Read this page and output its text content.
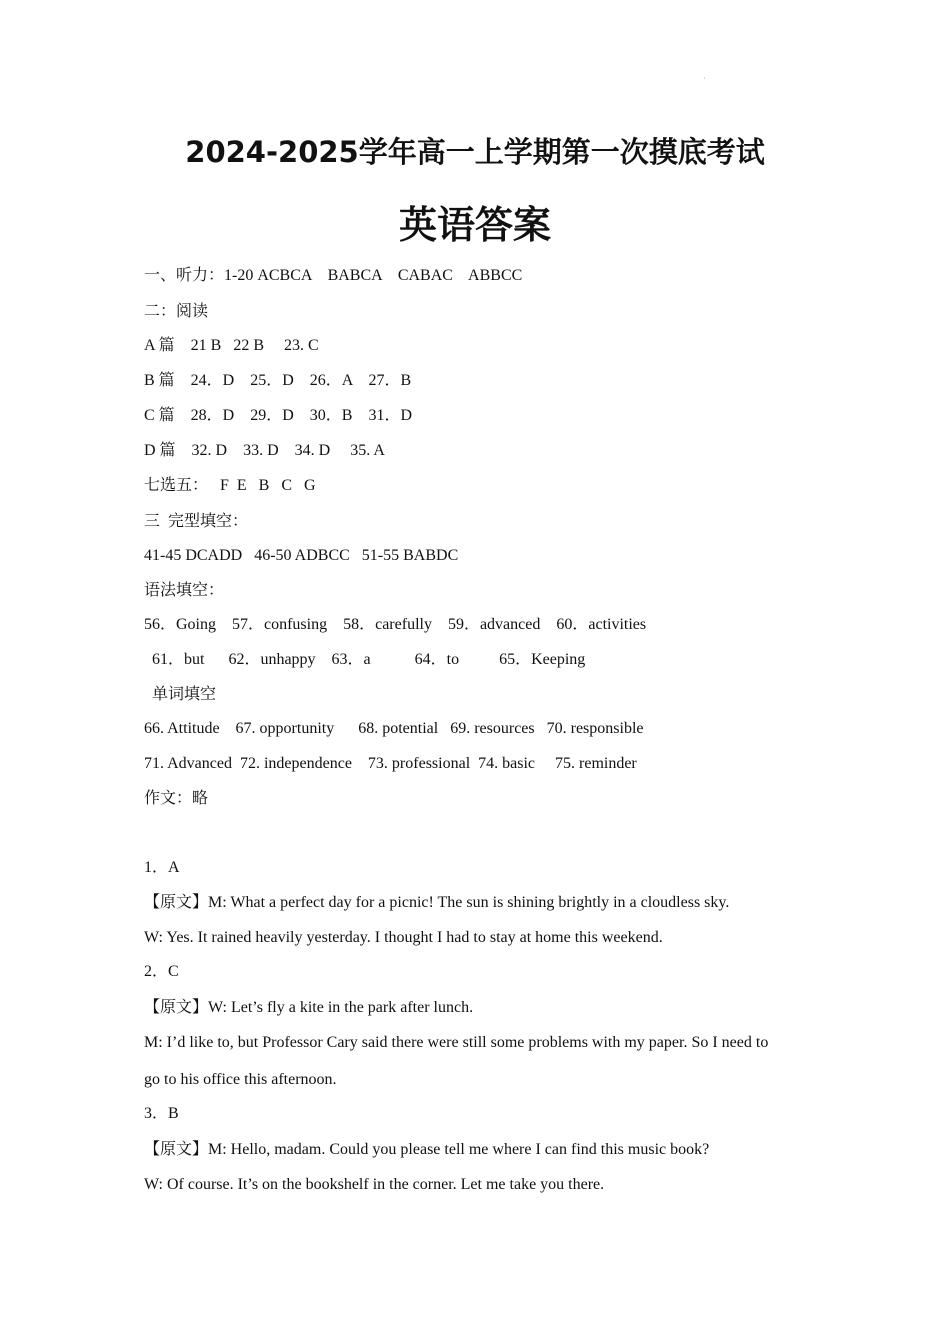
·
2024-2025学年高一上学期第一次摸底考试
英语答案
一、听力：1-20 ACBCA    BABCA    CABAC    ABBCC
二：阅读
A 篇    21 B   22 B     23. C
B 篇    24．D    25．D    26．A    27．B
C 篇    28．D    29．D    30．B    31．D
D 篇    32. D    33. D    34. D     35. A
七选五：   F  E   B   C   G
三  完型填空：
41-45 DCADD   46-50 ADBCC   51-55 BABDC
语法填空：
56．Going    57．confusing    58．carefully    59．advanced    60．activities
61．but      62．unhappy    63．a           64．to          65．Keeping
单词填空
66. Attitude    67. opportunity      68. potential   69. resources   70. responsible
71. Advanced  72. independence    73. professional  74. basic     75. reminder
作文：略
1．A
【原文】M: What a perfect day for a picnic! The sun is shining brightly in a cloudless sky.
W: Yes. It rained heavily yesterday. I thought I had to stay at home this weekend.
2．C
【原文】W: Let’s fly a kite in the park after lunch.
M: I’d like to, but Professor Cary said there were still some problems with my paper. So I need to
go to his office this afternoon.
3．B
【原文】M: Hello, madam. Could you please tell me where I can find this music book?
W: Of course. It’s on the bookshelf in the corner. Let me take you there.
